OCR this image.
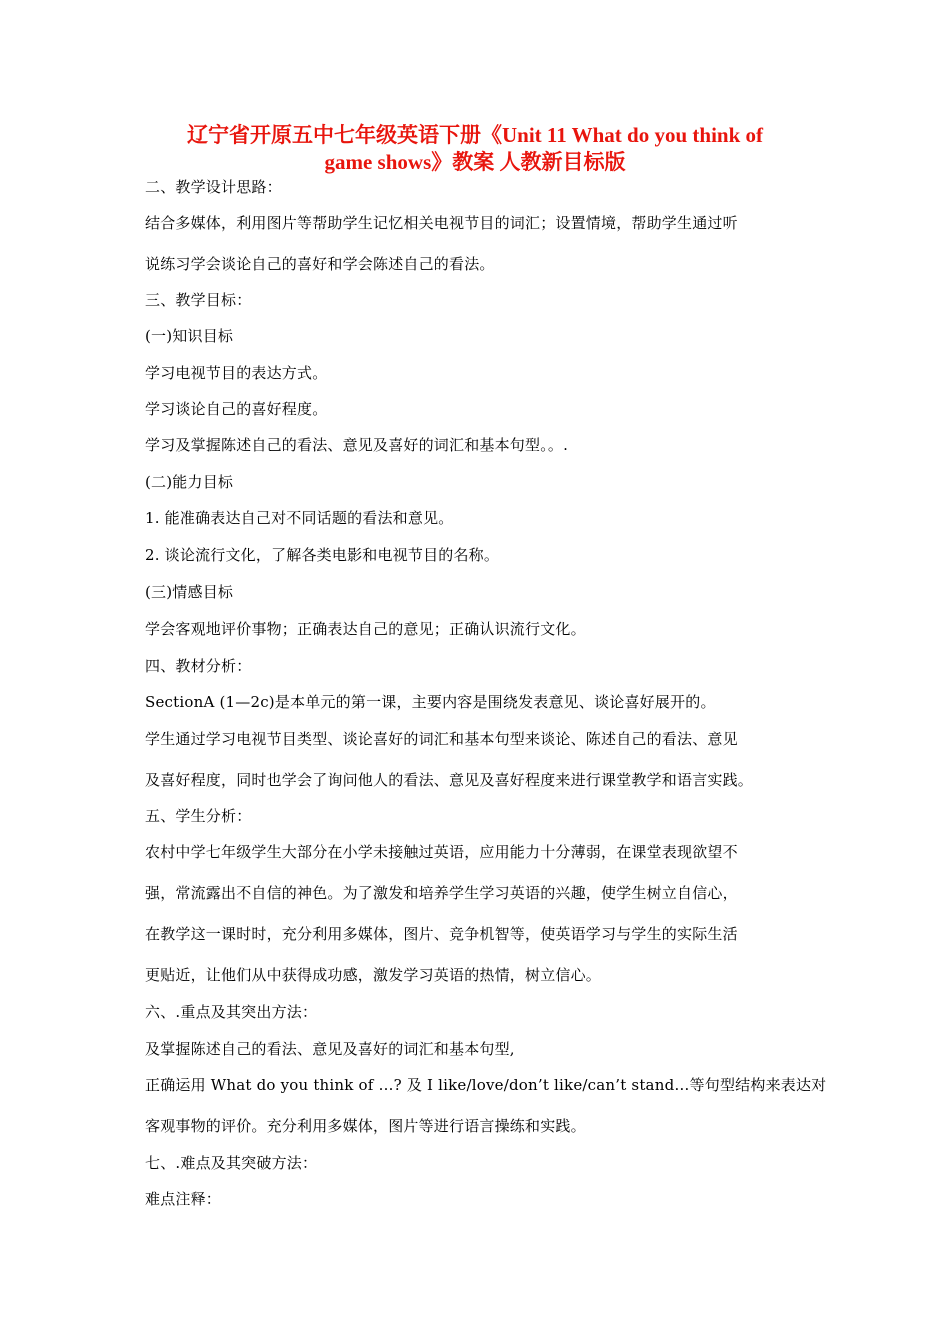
辽宁省开原五中七年级英语下册《Unit 11 What do you think of
game shows》教案 人教新目标版
二、教学设计思路：
结合多媒体，利用图片等帮助学生记忆相关电视节目的词汇；设置情境，帮助学生通过听
说练习学会谈论自己的喜好和学会陈述自己的看法。
三、教学目标：
(一)知识目标
学习电视节目的表达方式。
学习谈论自己的喜好程度。
学习及掌握陈述自己的看法、意见及喜好的词汇和基本句型。。.
(二)能力目标
1. 能准确表达自己对不同话题的看法和意见。
2. 谈论流行文化，了解各类电影和电视节目的名称。
(三)情感目标
学会客观地评价事物；正确表达自己的意见；正确认识流行文化。
四、教材分析：
SectionA (1—2c)是本单元的第一课，主要内容是围绕发表意见、谈论喜好展开的。
学生通过学习电视节目类型、谈论喜好的词汇和基本句型来谈论、陈述自己的看法、意见
及喜好程度，同时也学会了询问他人的看法、意见及喜好程度来进行课堂教学和语言实践。
五、学生分析：
农村中学七年级学生大部分在小学未接触过英语，应用能力十分薄弱，在课堂表现欲望不
强，常流露出不自信的神色。为了激发和培养学生学习英语的兴趣，使学生树立自信心，
在教学这一课时时，充分利用多媒体，图片、竞争机智等，使英语学习与学生的实际生活
更贴近，让他们从中获得成功感，激发学习英语的热情，树立信心。
六、.重点及其突出方法：
及掌握陈述自己的看法、意见及喜好的词汇和基本句型,
正确运用 What do you think of …? 及 I like/love/don’t like/can’t stand…等句型结构来表达对
客观事物的评价。充分利用多媒体，图片等进行语言操练和实践。
七、.难点及其突破方法：
难点注释：
